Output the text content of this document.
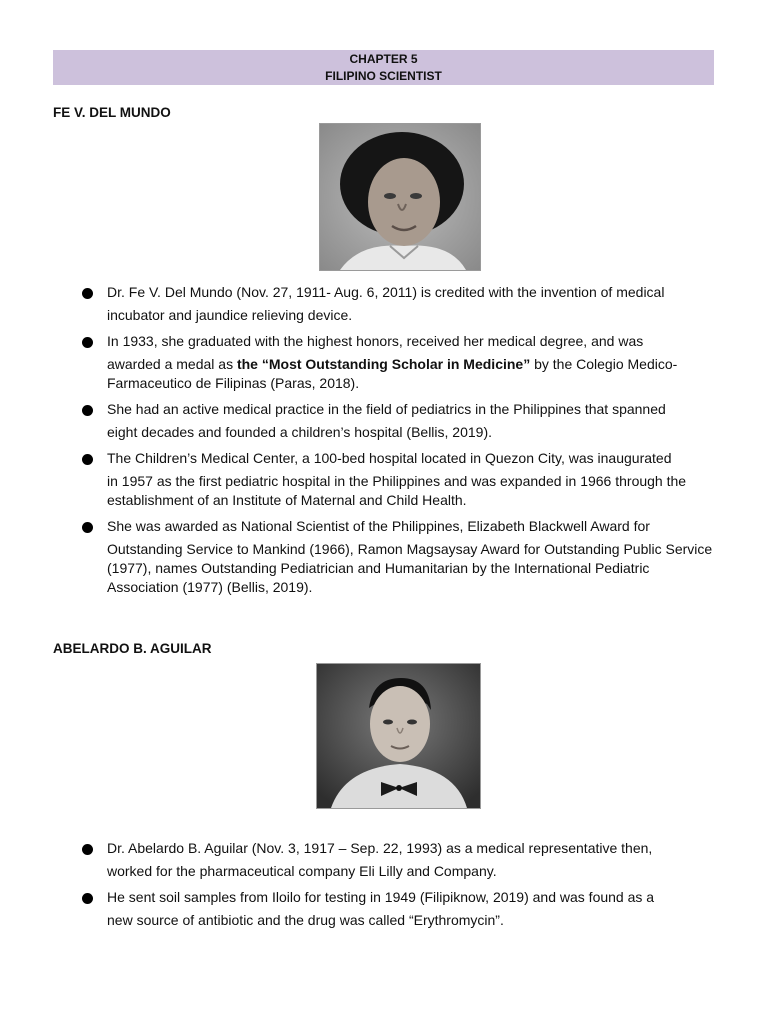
CHAPTER 5
FILIPINO SCIENTIST
FE V. DEL MUNDO
Dr. Fe V. Del Mundo (Nov. 27, 1911- Aug. 6, 2011) is credited with the invention of medical
incubator and jaundice relieving device.
In 1933, she graduated with the highest honors, received her medical degree, and was
awarded a medal as the “Most Outstanding Scholar in Medicine” by the Colegio Medico-Farmaceutico de Filipinas (Paras, 2018).
She had an active medical practice in the field of pediatrics in the Philippines that spanned
eight decades and founded a children’s hospital (Bellis, 2019).
The Children’s Medical Center, a 100-bed hospital located in Quezon City, was inaugurated
in 1957 as the first pediatric hospital in the Philippines and was expanded in 1966 through the establishment of an Institute of Maternal and Child Health.
She was awarded as National Scientist of the Philippines, Elizabeth Blackwell Award for
Outstanding Service to Mankind (1966), Ramon Magsaysay Award for Outstanding Public Service (1977), names Outstanding Pediatrician and Humanitarian by the International Pediatric Association (1977) (Bellis, 2019).
ABELARDO B. AGUILAR
Dr. Abelardo B. Aguilar (Nov. 3, 1917 – Sep. 22, 1993) as a medical representative then,
worked for the pharmaceutical company Eli Lilly and Company.
He sent soil samples from Iloilo for testing in 1949 (Filipiknow, 2019) and was found as a
new source of antibiotic and the drug was called “Erythromycin”.
